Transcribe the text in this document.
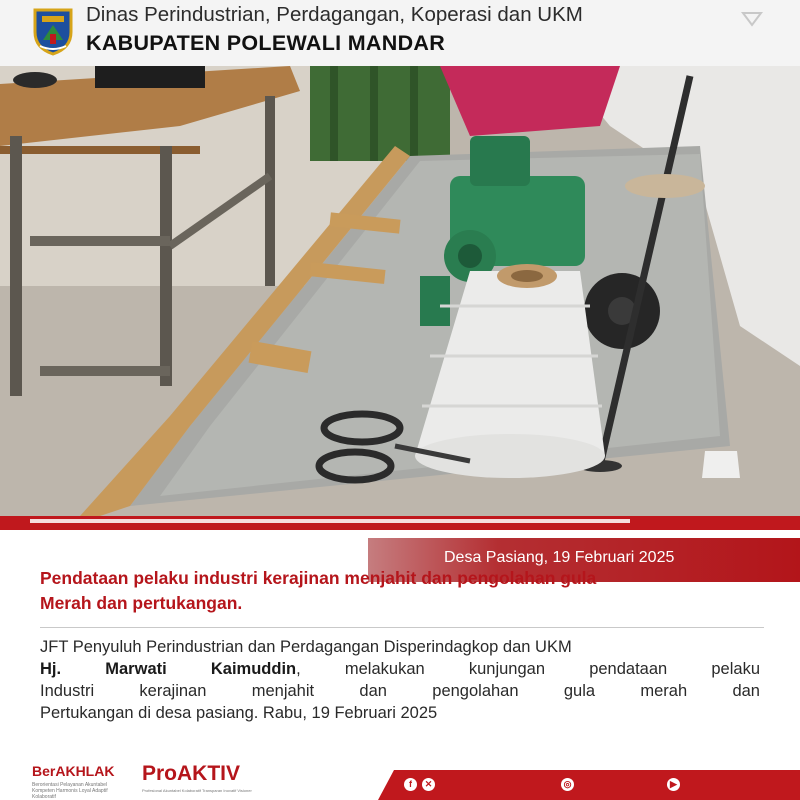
Dinas Perindustrian, Perdagangan, Koperasi dan UKM
KABUPATEN POLEWALI MANDAR
Desa Pasiang, 19 Februari 2025
Pendataan pelaku industri kerajinan menjahit dan pengolahan gula
Merah dan pertukangan.
JFT Penyuluh Perindustrian dan Perdagangan Disperindagkop dan UKM
Hj. Marwati Kaimuddin, melakukan kunjungan pendataan pelaku
Industri kerajinan menjahit dan pengolahan gula merah dan
Pertukangan di desa pasiang. Rabu, 19 Februari 2025
BerAKHLAK
Berorientasi Pelayanan Akuntabel Kompeten Harmonis Loyal Adaptif Kolaboratif
ProAKTIV
Profesional Akuntabel Kolaboratif Transparan Inovatif Visioner
f	✕	◎	▶
